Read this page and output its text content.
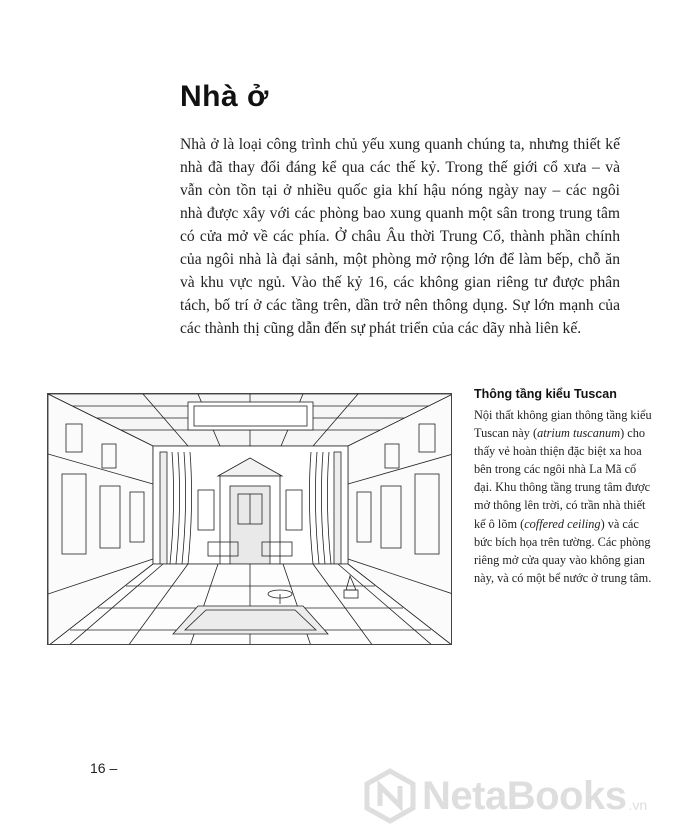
Nhà ở

Nhà ở là loại công trình chủ yếu xung quanh chúng ta, nhưng thiết kế nhà đã thay đổi đáng kể qua các thế kỷ. Trong thế giới cổ xưa – và vẫn còn tồn tại ở nhiều quốc gia khí hậu nóng ngày nay – các ngôi nhà được xây với các phòng bao xung quanh một sân trong trung tâm có cửa mở về các phía. Ở châu Âu thời Trung Cổ, thành phần chính của ngôi nhà là đại sảnh, một phòng mở rộng lớn để làm bếp, chỗ ăn và khu vực ngủ. Vào thế kỷ 16, các không gian riêng tư được phân tách, bố trí ở các tầng trên, dần trở nên thông dụng. Sự lớn mạnh của các thành thị cũng dẫn đến sự phát triển của các dãy nhà liên kế.

Thông tầng kiểu Tuscan

Nội thất không gian thông tầng kiểu Tuscan này (atrium tuscanum) cho thấy vẻ hoàn thiện đặc biệt xa hoa bên trong các ngôi nhà La Mã cổ đại. Khu thông tầng trung tâm được mở thông lên trời, có trần nhà thiết kế ô lõm (coffered ceiling) và các bức bích họa trên tường. Các phòng riêng mở cửa quay vào không gian này, và có một bể nước ở trung tâm.

16 –
NetaBooks .vn
